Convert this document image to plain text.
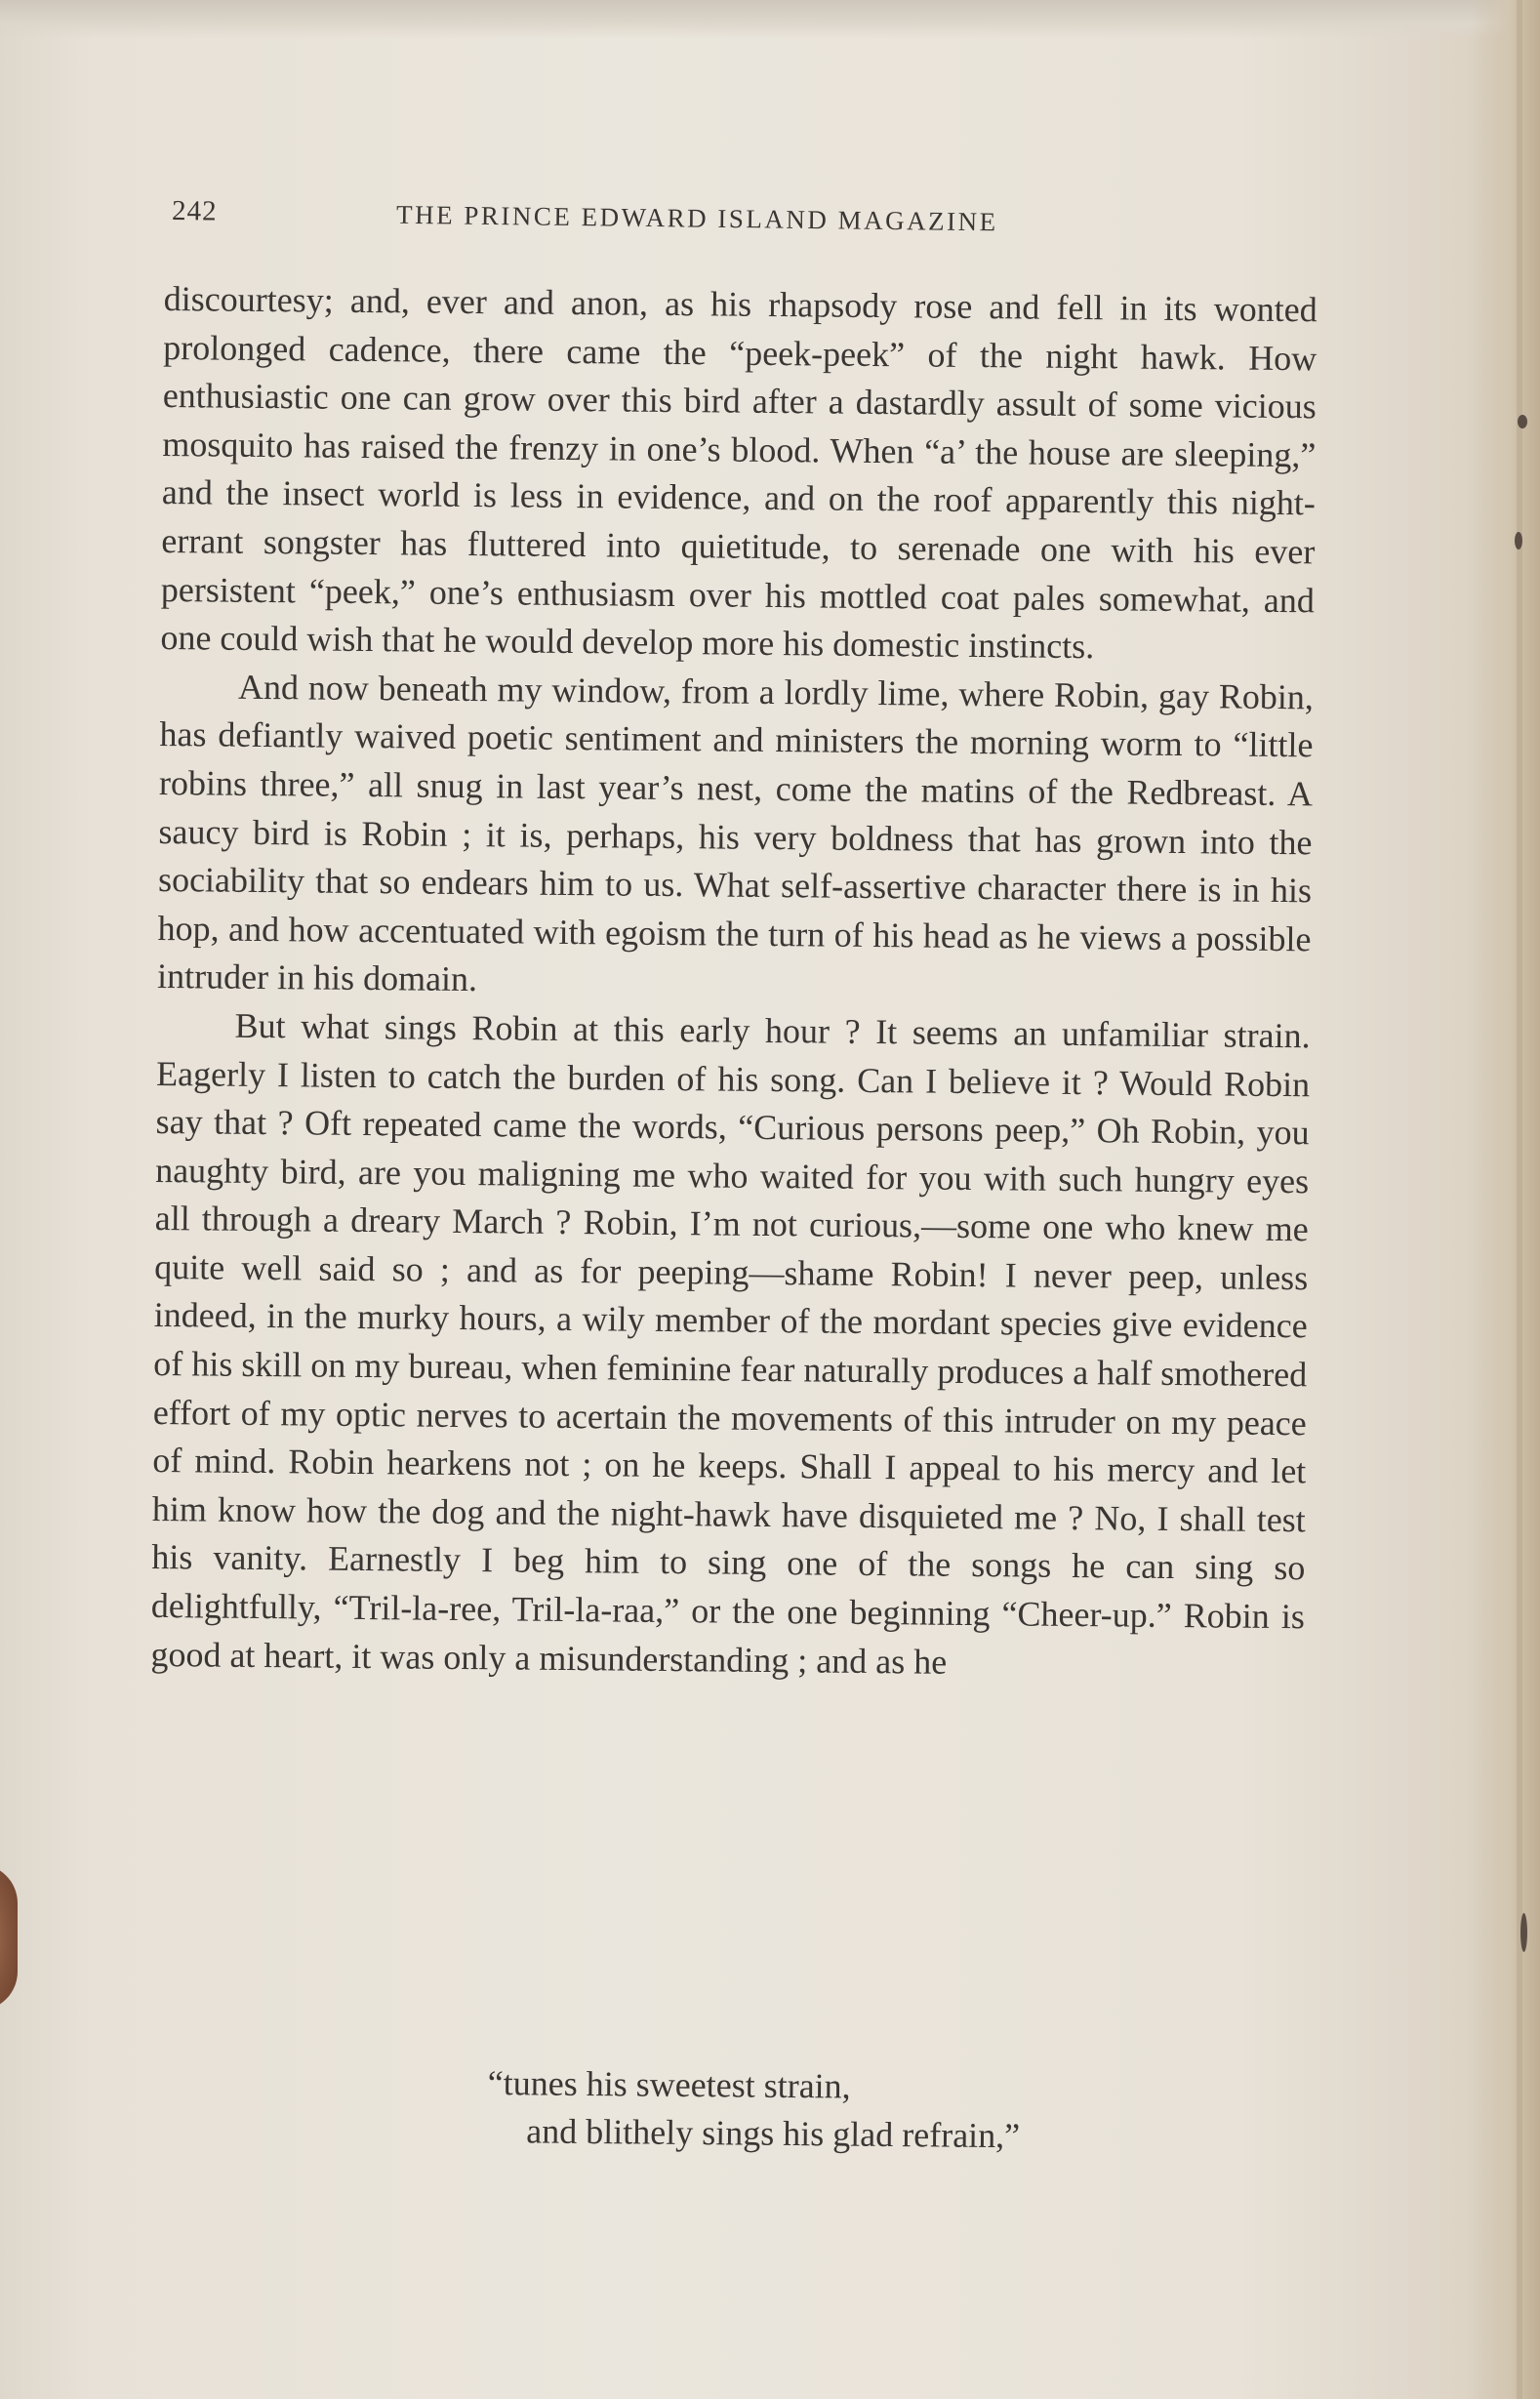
242	THE PRINCE EDWARD ISLAND MAGAZINE

discourtesy; and, ever and anon, as his rhapsody rose and fell in its wonted prolonged cadence, there came the “peek-peek” of the night hawk. How enthusiastic one can grow over this bird after a dastardly assult of some vicious mosquito has raised the frenzy in one’s blood. When “a’ the house are sleeping,” and the insect world is less in evidence, and on the roof apparently this night-errant songster has fluttered into quietitude, to serenade one with his ever persistent “peek,” one’s enthusiasm over his mottled coat pales somewhat, and one could wish that he would develop more his domestic instincts.

And now beneath my window, from a lordly lime, where Robin, gay Robin, has defiantly waived poetic sentiment and ministers the morning worm to “little robins three,” all snug in last year’s nest, come the matins of the Redbreast. A saucy bird is Robin ; it is, perhaps, his very boldness that has grown into the sociability that so endears him to us. What self-assertive character there is in his hop, and how accentuated with egoism the turn of his head as he views a possible intruder in his domain.

But what sings Robin at this early hour ? It seems an unfamiliar strain. Eagerly I listen to catch the burden of his song. Can I believe it ? Would Robin say that ? Oft repeated came the words, “Curious persons peep,” Oh Robin, you naughty bird, are you maligning me who waited for you with such hungry eyes all through a dreary March ? Robin, I’m not curious,—some one who knew me quite well said so ; and as for peeping—shame Robin! I never peep, unless indeed, in the murky hours, a wily member of the mordant species give evidence of his skill on my bureau, when feminine fear naturally produces a half smothered effort of my optic nerves to acertain the movements of this intruder on my peace of mind. Robin hearkens not ; on he keeps. Shall I appeal to his mercy and let him know how the dog and the night-hawk have disquieted me ? No, I shall test his vanity. Earnestly I beg him to sing one of the songs he can sing so delightfully, “Tril-la-ree, Tril-la-raa,” or the one beginning “Cheer-up.” Robin is good at heart, it was only a misunderstanding ; and as he

“tunes his sweetest strain,
and blithely sings his glad refrain,”
